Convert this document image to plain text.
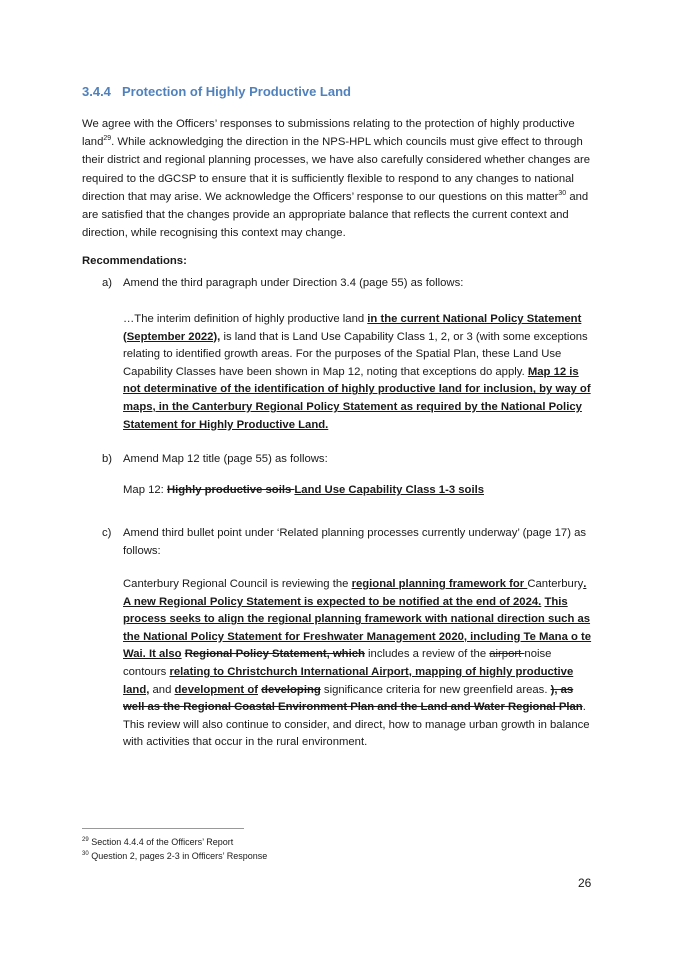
3.4.4 Protection of Highly Productive Land
We agree with the Officers’ responses to submissions relating to the protection of highly productive land$^{29}$. While acknowledging the direction in the NPS-HPL which councils must give effect to through their district and regional planning processes, we have also carefully considered whether changes are required to the dGCSP to ensure that it is sufficiently flexible to respond to any changes to national direction that may arise. We acknowledge the Officers’ response to our questions on this matter$^{30}$ and are satisfied that the changes provide an appropriate balance that reflects the current context and direction, while recognising this context may change.
Recommendations:
a) Amend the third paragraph under Direction 3.4 (page 55) as follows:
…The interim definition of highly productive land in the current National Policy Statement (September 2022), is land that is Land Use Capability Class 1, 2, or 3 (with some exceptions relating to identified growth areas. For the purposes of the Spatial Plan, these Land Use Capability Classes have been shown in Map 12, noting that exceptions do apply. Map 12 is not determinative of the identification of highly productive land for inclusion, by way of maps, in the Canterbury Regional Policy Statement as required by the National Policy Statement for Highly Productive Land.
b) Amend Map 12 title (page 55) as follows:
Map 12: Highly productive soils Land Use Capability Class 1-3 soils
c)	Amend third bullet point under ‘Related planning processes currently underway’ (page 17) as follows:
Canterbury Regional Council is reviewing the regional planning framework for Canterbury. A new Regional Policy Statement is expected to be notified at the end of 2024. This process seeks to align the regional planning framework with national direction such as the National Policy Statement for Freshwater Management 2020, including Te Mana o te Wai. It also Regional Policy Statement, which includes a review of the airport noise contours relating to Christchurch International Airport, mapping of highly productive land, and development of developing significance criteria for new greenfield areas. ), as well as the Regional Coastal Environment Plan and the Land and Water Regional Plan. This review will also continue to consider, and direct, how to manage urban growth in balance with activities that occur in the rural environment.
$^{29}$ Section 4.4.4 of the Officers’ Report
$^{30}$ Question 2, pages 2-3 in Officers’ Response
26
